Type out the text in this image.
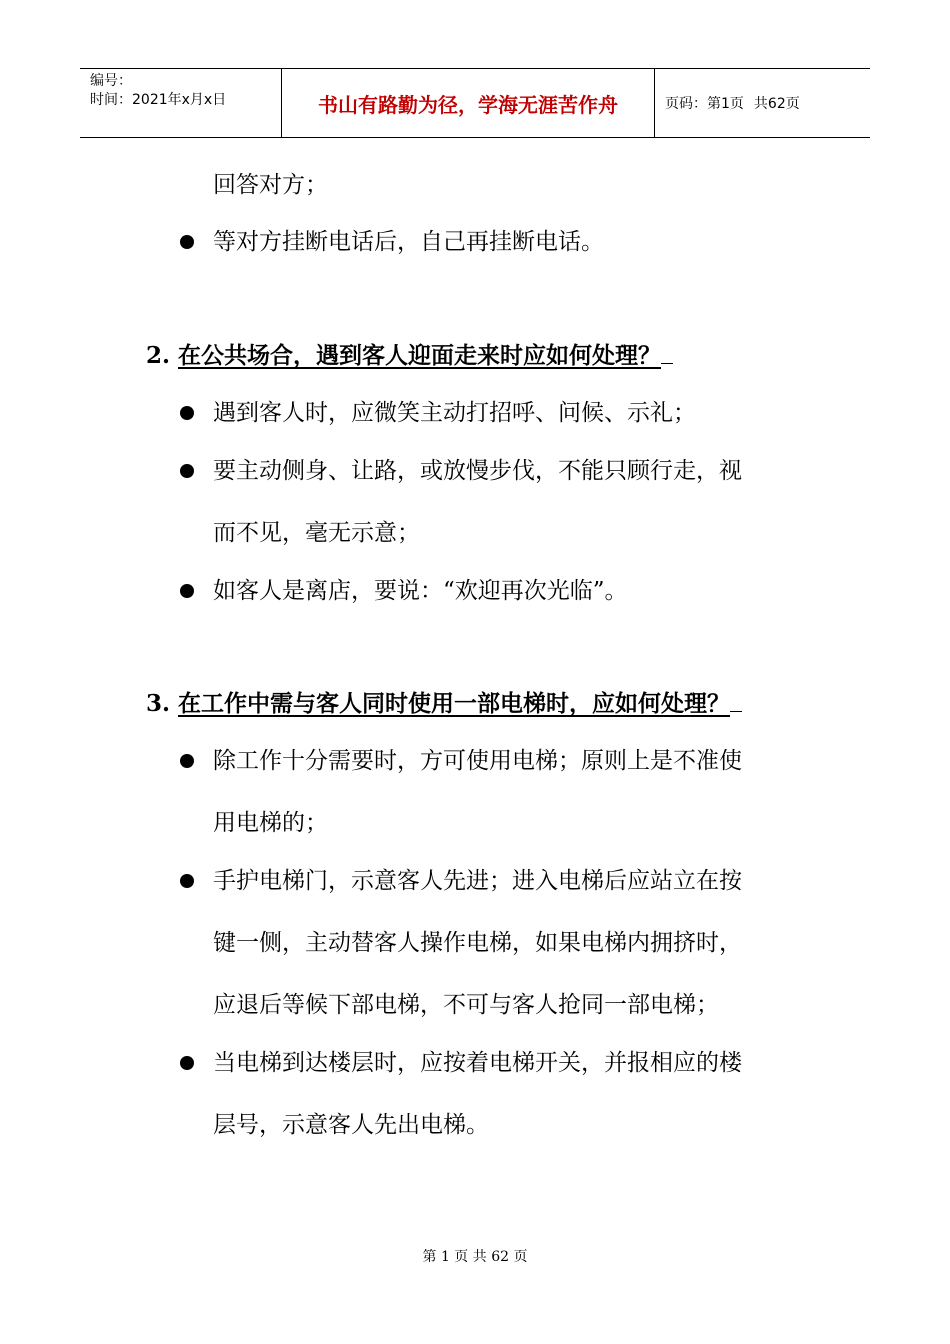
编号：
时间：2021年x月x日	书山有路勤为径，学海无涯苦作舟	页码：第1页 共62页
回答对方；
等对方挂断电话后，自己再挂断电话。
2. 在公共场合，遇到客人迎面走来时应如何处理？
遇到客人时，应微笑主动打招呼、问候、示礼；
要主动侧身、让路，或放慢步伐，不能只顾行走，视
而不见，毫无示意；
如客人是离店，要说：“欢迎再次光临”。
3. 在工作中需与客人同时使用一部电梯时，应如何处理？
除工作十分需要时，方可使用电梯；原则上是不准使
用电梯的；
手护电梯门，示意客人先进；进入电梯后应站立在按
键一侧，主动替客人操作电梯，如果电梯内拥挤时，
应退后等候下部电梯，不可与客人抢同一部电梯；
当电梯到达楼层时，应按着电梯开关，并报相应的楼
层号，示意客人先出电梯。
第 1 页 共 62 页
